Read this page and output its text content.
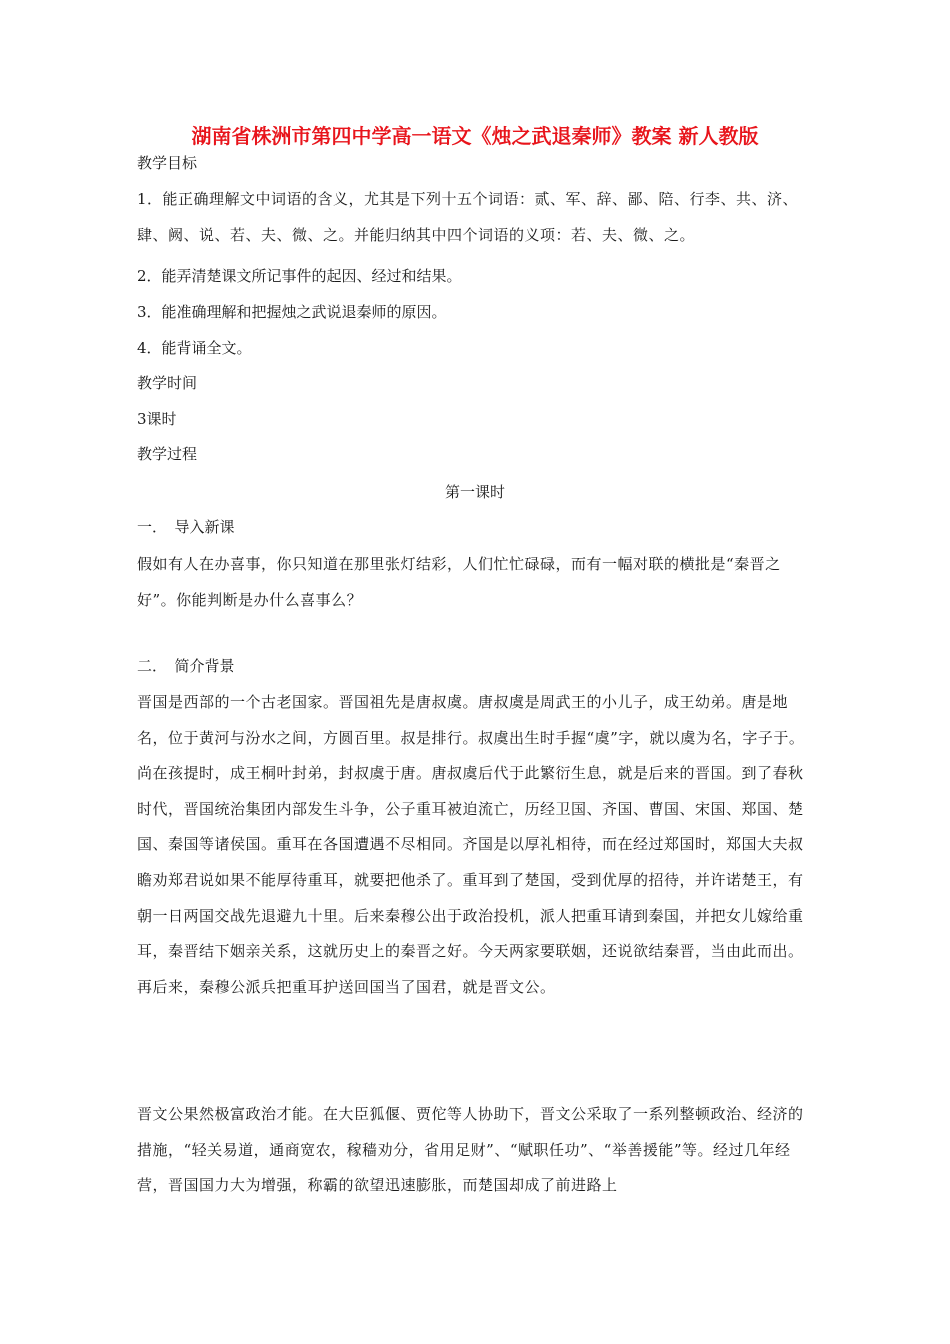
湖南省株洲市第四中学高一语文《烛之武退秦师》教案 新人教版
教学目标
1．能正确理解文中词语的含义，尤其是下列十五个词语：贰、军、辞、鄙、陪、行李、共、济、肆、阙、说、若、夫、微、之。并能归纳其中四个词语的义项：若、夫、微、之。
2．能弄清楚课文所记事件的起因、经过和结果。
3．能准确理解和把握烛之武说退秦师的原因。
4．能背诵全文。
教学时间
3课时
教学过程
第一课时
一．　导入新课
假如有人在办喜事，你只知道在那里张灯结彩，人们忙忙碌碌，而有一幅对联的横批是“秦晋之好”。你能判断是办什么喜事么？
二．　简介背景
晋国是西部的一个古老国家。晋国祖先是唐叔虞。唐叔虞是周武王的小儿子，成王幼弟。唐是地名，位于黄河与汾水之间，方圆百里。叔是排行。叔虞出生时手握“虞”字，就以虞为名，字子于。尚在孩提时，成王桐叶封弟，封叔虞于唐。唐叔虞后代于此繁衍生息，就是后来的晋国。到了春秋时代，晋国统治集团内部发生斗争，公子重耳被迫流亡，历经卫国、齐国、曹国、宋国、郑国、楚国、秦国等诸侯国。重耳在各国遭遇不尽相同。齐国是以厚礼相待，而在经过郑国时，郑国大夫叔瞻劝郑君说如果不能厚待重耳，就要把他杀了。重耳到了楚国，受到优厚的招待，并许诺楚王，有朝一日两国交战先退避九十里。后来秦穆公出于政治投机，派人把重耳请到秦国，并把女儿嫁给重耳，秦晋结下姻亲关系，这就历史上的秦晋之好。今天两家要联姻，还说欲结秦晋，当由此而出。再后来，秦穆公派兵把重耳护送回国当了国君，就是晋文公。
晋文公果然极富政治才能。在大臣狐偃、贾佗等人协助下，晋文公采取了一系列整顿政治、经济的措施，“轻关易道，通商宽农，稼穑劝分，省用足财”、“赋职任功”、“举善援能”等。经过几年经营，晋国国力大为增强，称霸的欲望迅速膨胀，而楚国却成了前进路上
